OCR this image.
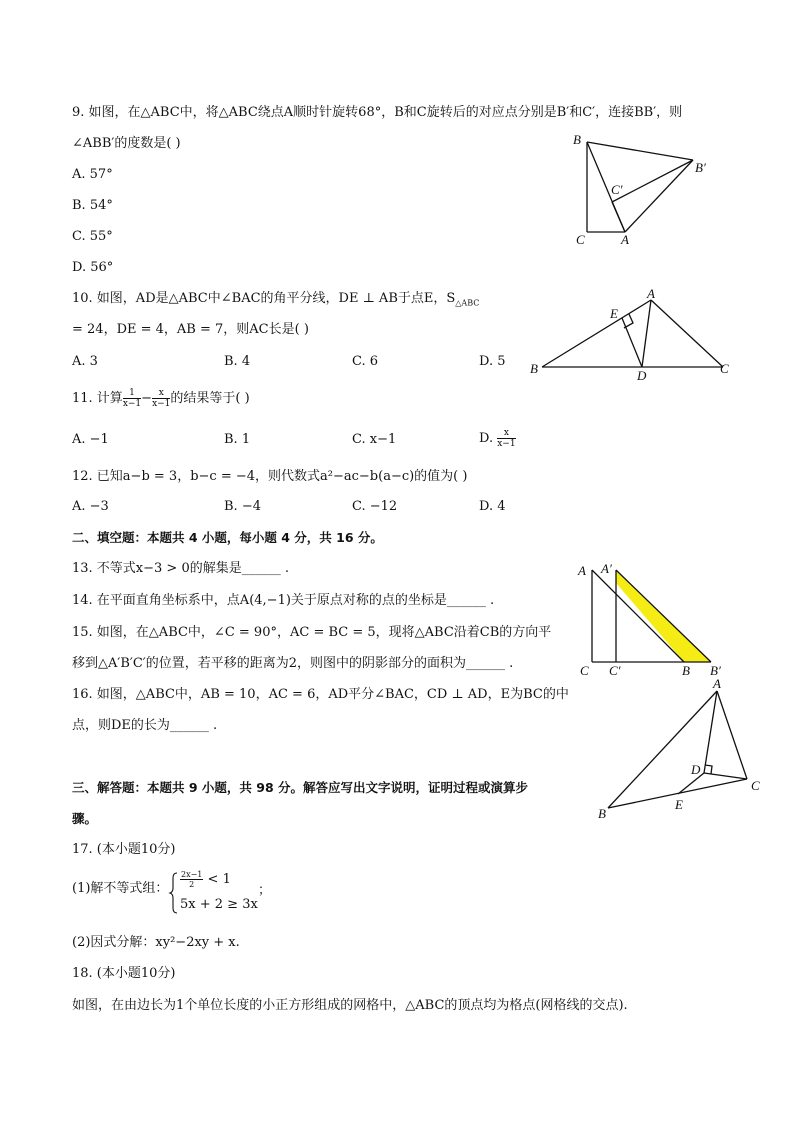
9. 如图，在△ABC中，将△ABC绕点A顺时针旋转68°，B和C旋转后的对应点分别是B′和C′，连接BB′，则
∠ABB′的度数是( )
A. 57°
B. 54°
C. 55°
D. 56°
B
B′
C′
C	A
10. 如图，AD是△ABC中∠BAC的角平分线，DE ⊥ AB于点E，$S_{\triangle ABC}$
= 24，DE = 4，AB = 7，则AC长是( )
A. 3	B. 4	C. 6	D. 5
A
E
B	D	C
11. 计算 $\frac{1}{x-1} - \frac{x}{x-1}$ 的结果等于( )
A. −1	B. 1	C. x−1	D. $\frac{x}{x-1}$
12. 已知a−b = 3，b−c = −4，则代数式a²−ac−b(a−c)的值为( )
A. −3	B. −4	C. −12	D. 4
二、填空题：本题共 4 小题，每小题 4 分，共 16 分。
13. 不等式x−3 > 0的解集是______ .
14. 在平面直角坐标系中，点A(4,−1)关于原点对称的点的坐标是______ .
15. 如图，在△ABC中，∠C = 90°，AC = BC = 5，现将△ABC沿着CB的方向平
移到△A′B′C′的位置，若平移的距离为2，则图中的阴影部分的面积为______ .
A A′
C C′	B B′
16. 如图，△ABC中，AB = 10，AC = 6，AD平分∠BAC，CD ⊥ AD，E为BC的中
点，则DE的长为______ .
A
D
C
E
B
三、解答题：本题共 9 小题，共 98 分。解答应写出文字说明，证明过程或演算步
骤。
17. (本小题10分)
(1)解不等式组： $\frac{2x-1}{2} < 1$
5x + 2 ≥ 3x
；
(2)因式分解：xy²−2xy + x.
18. (本小题10分)
如图，在由边长为1个单位长度的小正方形组成的网格中，△ABC的顶点均为格点(网格线的交点).
